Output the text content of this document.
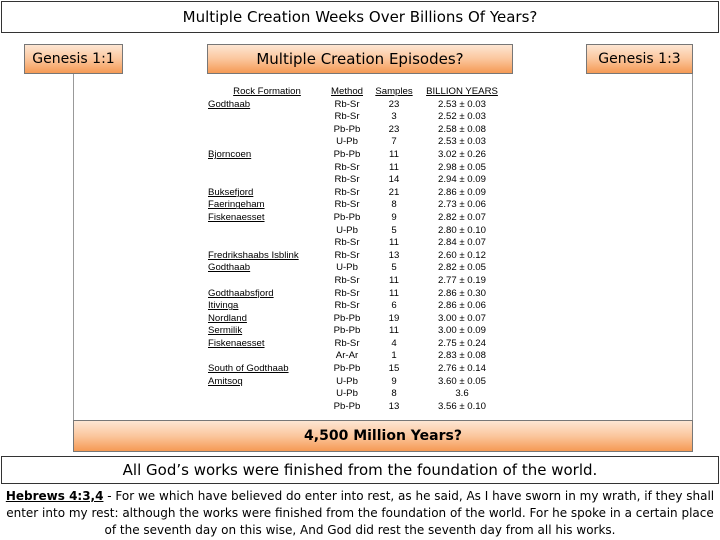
Multiple Creation Weeks Over Billions Of Years?
Genesis 1:1	Multiple Creation Episodes?	Genesis 1:3
Rock Formation
Godthaab
Bjorncoen
Buksefjord
Faeringeham
Fiskenaesset
Fredrikshaabs Isblink
Godthaab
Godthaabsfjord
Itivinga
Nordland
Sermilik
Fiskenaesset
South of Godthaab
Amitsoq
Method
Rb-Sr
Rb-Sr
Pb-Pb
U-Pb
Pb-Pb
Rb-Sr
Rb-Sr
Rb-Sr
Rb-Sr
Pb-Pb
U-Pb
Rb-Sr
Rb-Sr
U-Pb
Rb-Sr
Rb-Sr
Rb-Sr
Pb-Pb
Pb-Pb
Rb-Sr
Ar-Ar
Pb-Pb
U-Pb
U-Pb
Pb-Pb
Samples
23
3
23
7
11
11
14
21
8
9
5
11
13
5
11
11
6
19
11
4
1
15
9
8
13
BILLION YEARS
2.53 ± 0.03
2.52 ± 0.03
2.58 ± 0.08
2.53 ± 0.03
3.02 ± 0.26
2.98 ± 0.05
2.94 ± 0.09
2.86 ± 0.09
2.73 ± 0.06
2.82 ± 0.07
2.80 ± 0.10
2.84 ± 0.07
2.60 ± 0.12
2.82 ± 0.05
2.77 ± 0.19
2.86 ± 0.30
2.86 ± 0.06
3.00 ± 0.07
3.00 ± 0.09
2.75 ± 0.24
2.83 ± 0.08
2.76 ± 0.14
3.60 ± 0.05
3.6
3.56 ± 0.10
4,500 Million Years?
All God’s works were finished from the foundation of the world.
Hebrews 4:3,4 - For we which have believed do enter into rest, as he said, As I have sworn in my wrath, if they shall enter into my rest: although the works were finished from the foundation of the world. For he spoke in a certain place of the seventh day on this wise, And God did rest the seventh day from all his works.
